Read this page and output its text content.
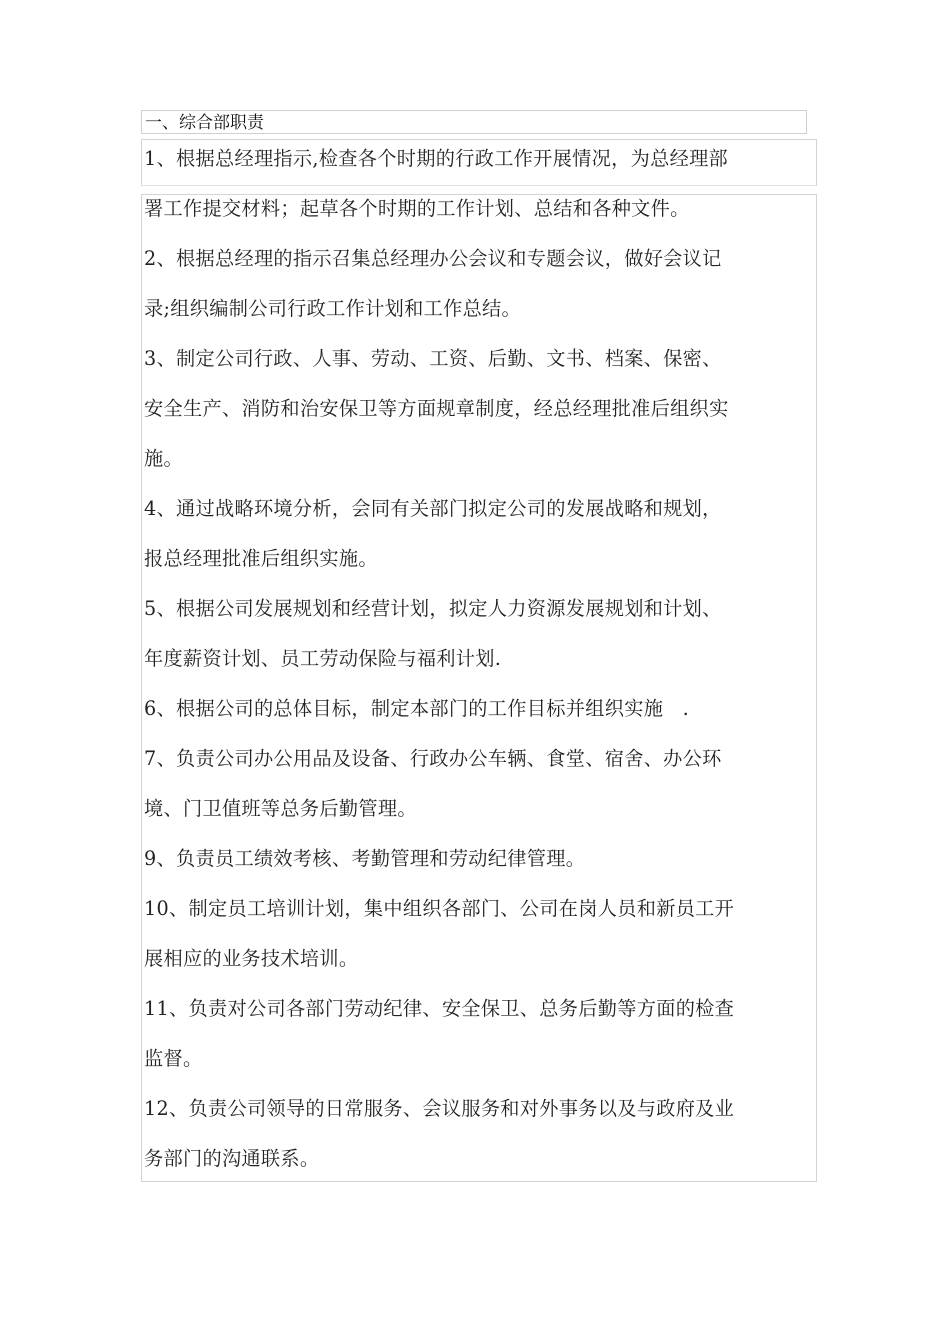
一、综合部职责
1、根据总经理指示,检查各个时期的行政工作开展情况，为总经理部
署工作提交材料；起草各个时期的工作计划、总结和各种文件。
2、根据总经理的指示召集总经理办公会议和专题会议，做好会议记
录;组织编制公司行政工作计划和工作总结。
3、制定公司行政、人事、劳动、工资、后勤、文书、档案、保密、
安全生产、消防和治安保卫等方面规章制度，经总经理批准后组织实
施。
4、通过战略环境分析，会同有关部门拟定公司的发展战略和规划，
报总经理批准后组织实施。
5、根据公司发展规划和经营计划，拟定人力资源发展规划和计划、
年度薪资计划、员工劳动保险与福利计划.
6、根据公司的总体目标，制定本部门的工作目标并组织实施　.
7、负责公司办公用品及设备、行政办公车辆、食堂、宿舍、办公环
境、门卫值班等总务后勤管理。
9、负责员工绩效考核、考勤管理和劳动纪律管理。
10、制定员工培训计划，集中组织各部门、公司在岗人员和新员工开
展相应的业务技术培训。
11、负责对公司各部门劳动纪律、安全保卫、总务后勤等方面的检查
监督。
12、负责公司领导的日常服务、会议服务和对外事务以及与政府及业
务部门的沟通联系。
